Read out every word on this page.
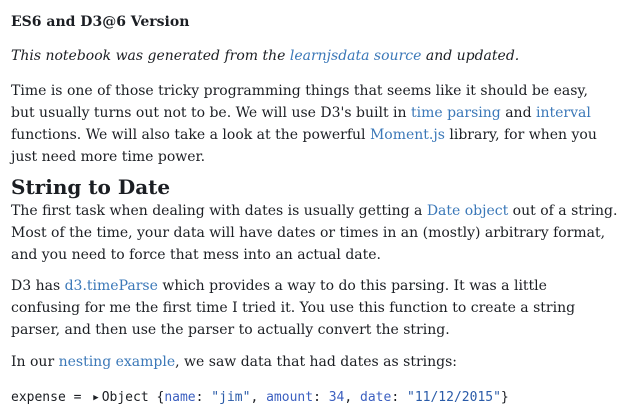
ES6 and D3@6 Version

This notebook was generated from the learnjsdata source and updated.

Time is one of those tricky programming things that seems like it should be easy,
but usually turns out not to be. We will use D3's built in time parsing and interval
functions. We will also take a look at the powerful Moment.js library, for when you
just need more time power.

String to Date

The first task when dealing with dates is usually getting a Date object out of a string.
Most of the time, your data will have dates or times in an (mostly) arbitrary format,
and you need to force that mess into an actual date.

D3 has d3.timeParse which provides a way to do this parsing. It was a little
confusing for me the first time I tried it. You use this function to create a string
parser, and then use the parser to actually convert the string.

In our nesting example, we saw data that had dates as strings:

expense = ▶ Object {name: "jim", amount: 34, date: "11/12/2015"}
